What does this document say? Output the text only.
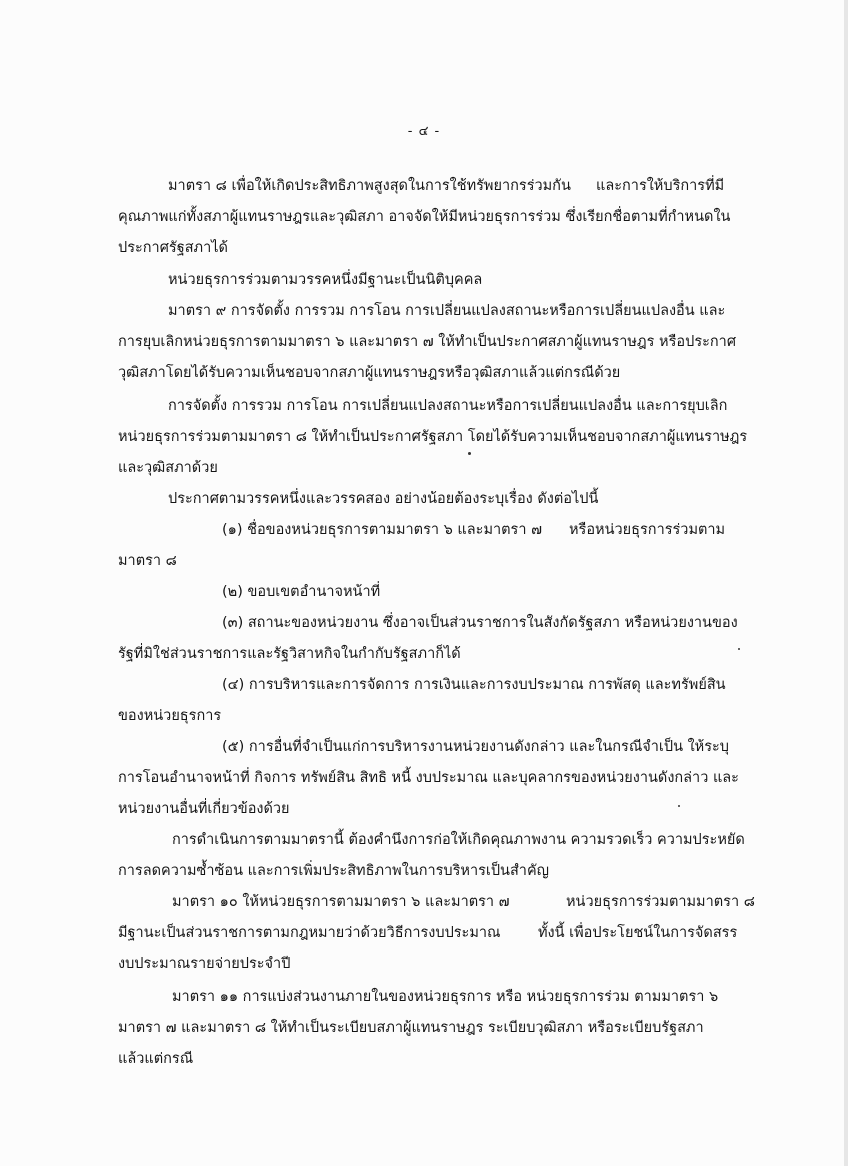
- ๔ -
มาตรา ๘ เพื่อให้เกิดประสิทธิภาพสูงสุดในการใช้ทรัพยากรร่วมกัน และการให้บริการที่มี
คุณภาพแก่ทั้งสภาผู้แทนราษฎรและวุฒิสภา อาจจัดให้มีหน่วยธุรการร่วม ซึ่งเรียกชื่อตามที่กำหนดใน
ประกาศรัฐสภาได้
หน่วยธุรการร่วมตามวรรคหนึ่งมีฐานะเป็นนิติบุคคล
มาตรา ๙ การจัดตั้ง การรวม การโอน การเปลี่ยนแปลงสถานะหรือการเปลี่ยนแปลงอื่น และ
การยุบเลิกหน่วยธุรการตามมาตรา ๖ และมาตรา ๗ ให้ทำเป็นประกาศสภาผู้แทนราษฎร หรือประกาศ
วุฒิสภาโดยได้รับความเห็นชอบจากสภาผู้แทนราษฎรหรือวุฒิสภาแล้วแต่กรณีด้วย
การจัดตั้ง การรวม การโอน การเปลี่ยนแปลงสถานะหรือการเปลี่ยนแปลงอื่น และการยุบเลิก
หน่วยธุรการร่วมตามมาตรา ๘ ให้ทำเป็นประกาศรัฐสภา โดยได้รับความเห็นชอบจากสภาผู้แทนราษฎร
และวุฒิสภาด้วย
ประกาศตามวรรคหนึ่งและวรรคสอง อย่างน้อยต้องระบุเรื่อง ดังต่อไปนี้
(๑) ชื่อของหน่วยธุรการตามมาตรา ๖ และมาตรา ๗ หรือหน่วยธุรการร่วมตาม
มาตรา ๘
(๒) ขอบเขตอำนาจหน้าที่
(๓) สถานะของหน่วยงาน ซึ่งอาจเป็นส่วนราชการในสังกัดรัฐสภา หรือหน่วยงานของ
รัฐที่มิใช่ส่วนราชการและรัฐวิสาหกิจในกำกับรัฐสภาก็ได้
(๔) การบริหารและการจัดการ การเงินและการงบประมาณ การพัสดุ และทรัพย์สิน
ของหน่วยธุรการ
(๕) การอื่นที่จำเป็นแก่การบริหารงานหน่วยงานดังกล่าว และในกรณีจำเป็น ให้ระบุ
การโอนอำนาจหน้าที่ กิจการ ทรัพย์สิน สิทธิ หนี้ งบประมาณ และบุคลากรของหน่วยงานดังกล่าว และ
หน่วยงานอื่นที่เกี่ยวข้องด้วย
การดำเนินการตามมาตรานี้ ต้องคำนึงการก่อให้เกิดคุณภาพงาน ความรวดเร็ว ความประหยัด
การลดความซ้ำซ้อน และการเพิ่มประสิทธิภาพในการบริหารเป็นสำคัญ
มาตรา ๑๐ ให้หน่วยธุรการตามมาตรา ๖ และมาตรา ๗	หน่วยธุรการร่วมตามมาตรา ๘
มีฐานะเป็นส่วนราชการตามกฎหมายว่าด้วยวิธีการงบประมาณ	ทั้งนี้ เพื่อประโยชน์ในการจัดสรร
งบประมาณรายจ่ายประจำปี
มาตรา ๑๑ การแบ่งส่วนงานภายในของหน่วยธุรการ หรือ หน่วยธุรการร่วม ตามมาตรา ๖
มาตรา ๗ และมาตรา ๘ ให้ทำเป็นระเบียบสภาผู้แทนราษฎร ระเบียบวุฒิสภา หรือระเบียบรัฐสภา
แล้วแต่กรณี
